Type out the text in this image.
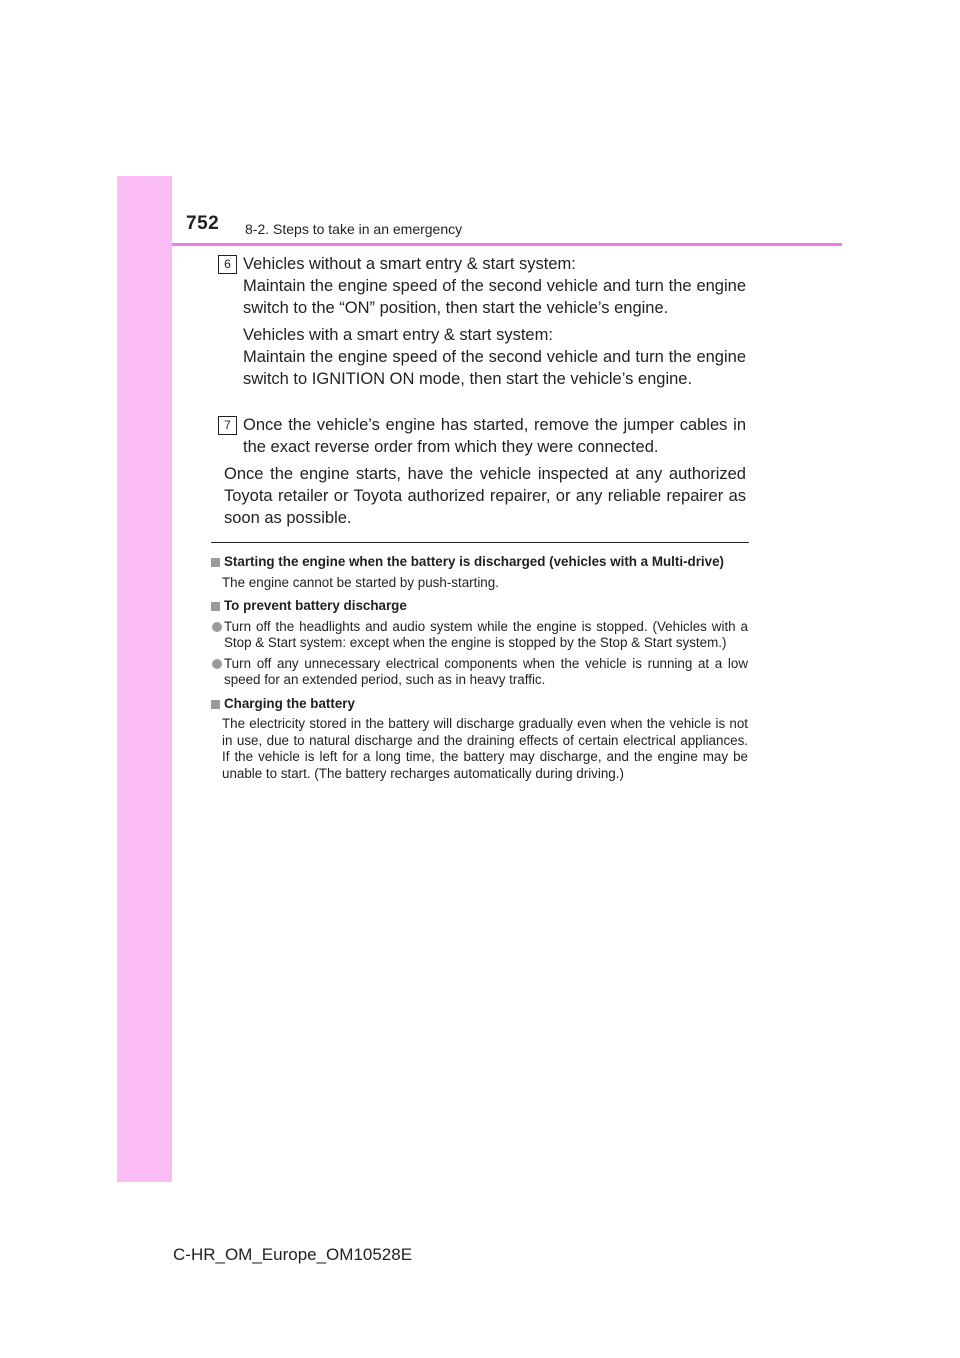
752 8-2. Steps to take in an emergency
6 Vehicles without a smart entry & start system:

Maintain the engine speed of the second vehicle and turn the engine switch to the “ON” position, then start the vehicle’s engine.

Vehicles with a smart entry & start system:

Maintain the engine speed of the second vehicle and turn the engine switch to IGNITION ON mode, then start the vehicle’s engine.

7 Once the vehicle’s engine has started, remove the jumper cables in the exact reverse order from which they were connected.

Once the engine starts, have the vehicle inspected at any authorized Toyota retailer or Toyota authorized repairer, or any reliable repairer as soon as possible.
Starting the engine when the battery is discharged (vehicles with a Multi-drive)
The engine cannot be started by push-starting.
To prevent battery discharge
Turn off the headlights and audio system while the engine is stopped. (Vehicles with a Stop & Start system: except when the engine is stopped by the Stop & Start system.)
Turn off any unnecessary electrical components when the vehicle is running at a low speed for an extended period, such as in heavy traffic.
Charging the battery
The electricity stored in the battery will discharge gradually even when the vehicle is not in use, due to natural discharge and the draining effects of certain electrical appliances. If the vehicle is left for a long time, the battery may discharge, and the engine may be unable to start. (The battery recharges automatically during driving.)
C-HR_OM_Europe_OM10528E
